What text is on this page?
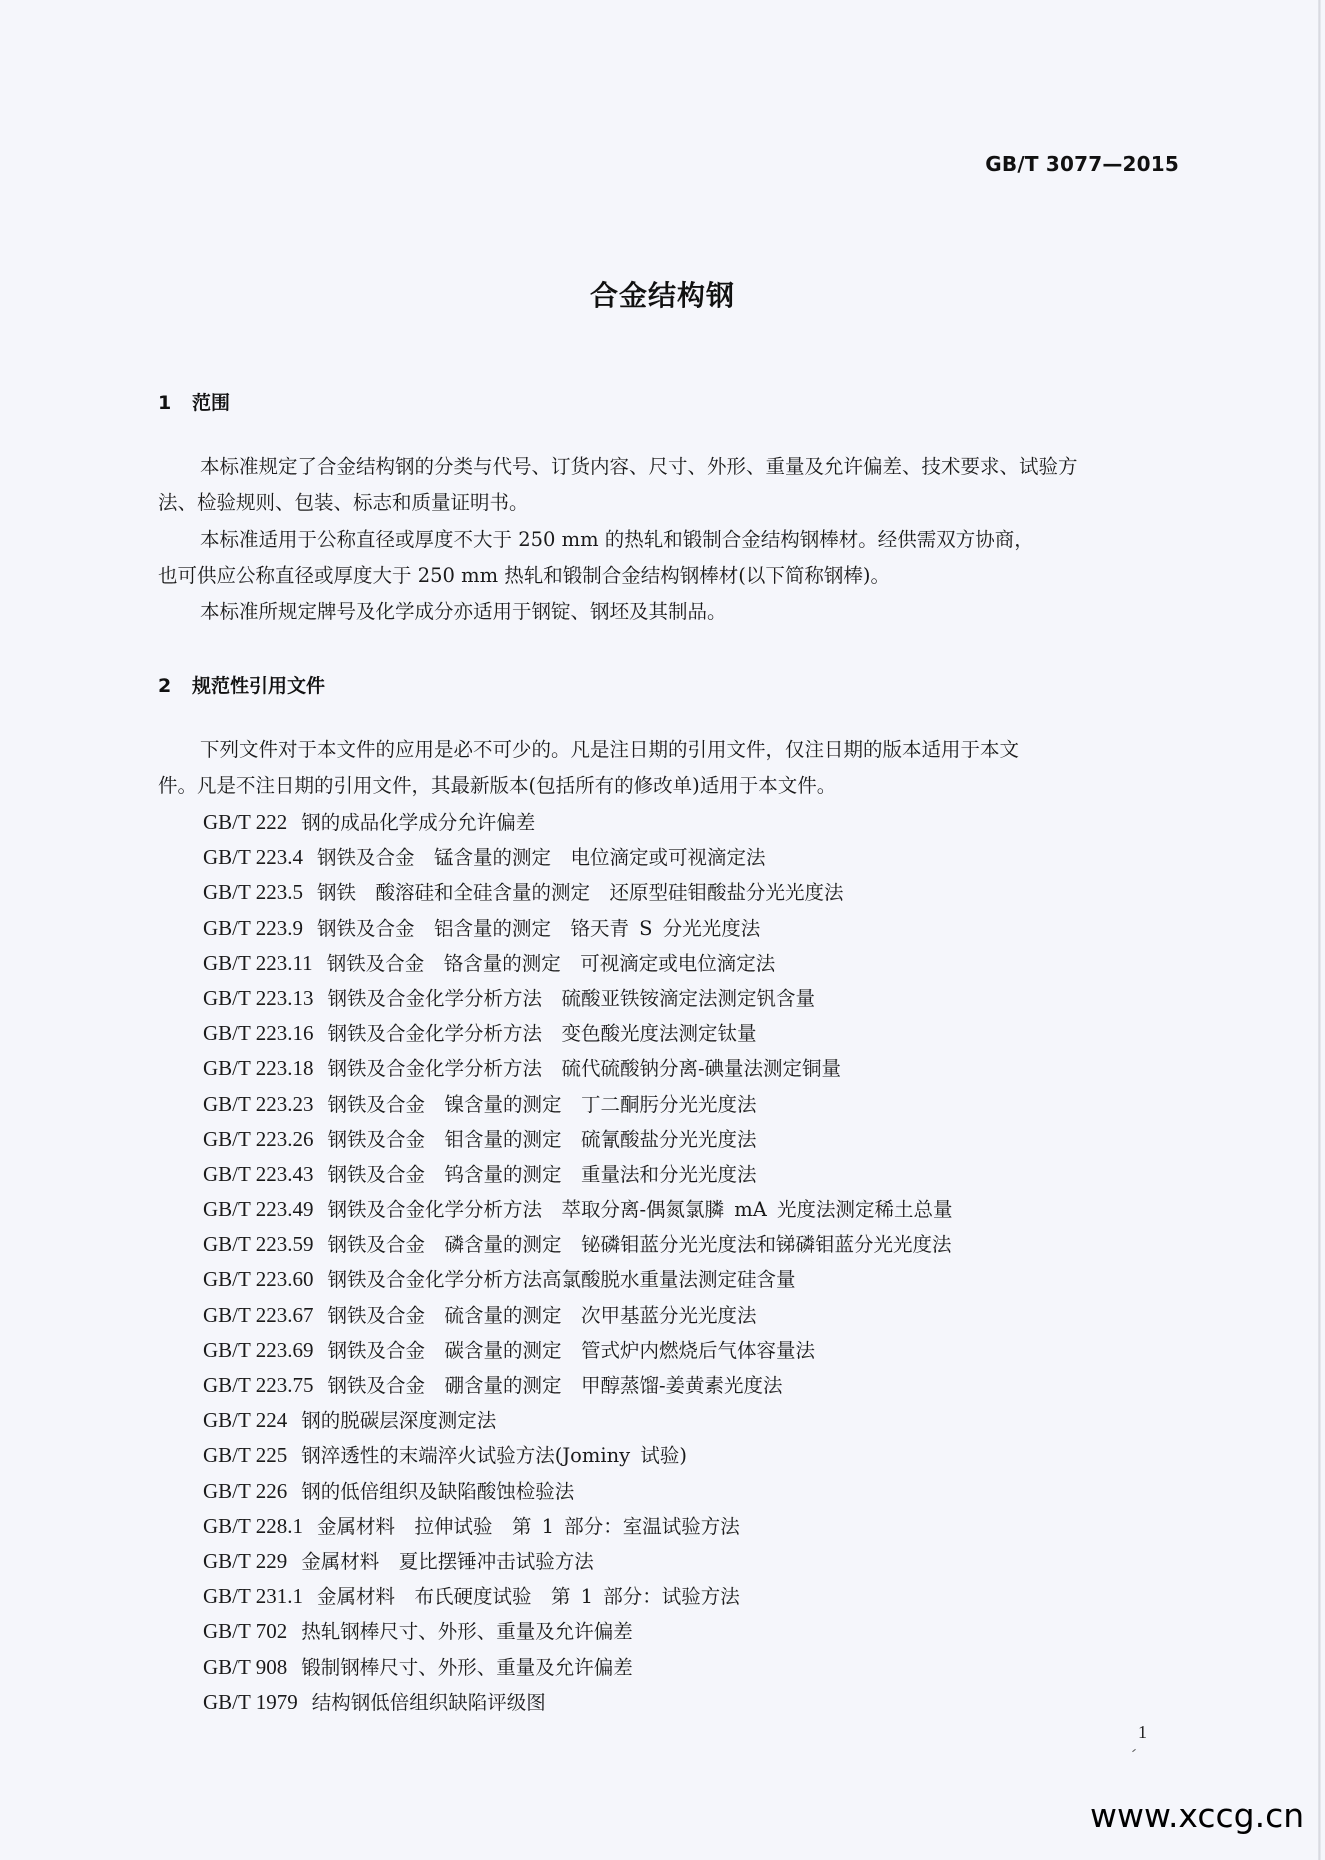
GB/T 3077—2015
合金结构钢
1 范围
本标准规定了合金结构钢的分类与代号、订货内容、尺寸、外形、重量及允许偏差、技术要求、试验方
法、检验规则、包装、标志和质量证明书。
本标准适用于公称直径或厚度不大于 250 mm 的热轧和锻制合金结构钢棒材。经供需双方协商，
也可供应公称直径或厚度大于 250 mm 热轧和锻制合金结构钢棒材(以下简称钢棒)。
本标准所规定牌号及化学成分亦适用于钢锭、钢坯及其制品。
2 规范性引用文件
下列文件对于本文件的应用是必不可少的。凡是注日期的引用文件，仅注日期的版本适用于本文
件。凡是不注日期的引用文件，其最新版本(包括所有的修改单)适用于本文件。
GB/T 222 钢的成品化学成分允许偏差
GB/T 223.4 钢铁及合金　锰含量的测定　电位滴定或可视滴定法
GB/T 223.5 钢铁　酸溶硅和全硅含量的测定　还原型硅钼酸盐分光光度法
GB/T 223.9 钢铁及合金　铝含量的测定　铬天青 S 分光光度法
GB/T 223.11 钢铁及合金　铬含量的测定　可视滴定或电位滴定法
GB/T 223.13 钢铁及合金化学分析方法　硫酸亚铁铵滴定法测定钒含量
GB/T 223.16 钢铁及合金化学分析方法　变色酸光度法测定钛量
GB/T 223.18 钢铁及合金化学分析方法　硫代硫酸钠分离-碘量法测定铜量
GB/T 223.23 钢铁及合金　镍含量的测定　丁二酮肟分光光度法
GB/T 223.26 钢铁及合金　钼含量的测定　硫氰酸盐分光光度法
GB/T 223.43 钢铁及合金　钨含量的测定　重量法和分光光度法
GB/T 223.49 钢铁及合金化学分析方法　萃取分离-偶氮氯膦 mA 光度法测定稀土总量
GB/T 223.59 钢铁及合金　磷含量的测定　铋磷钼蓝分光光度法和锑磷钼蓝分光光度法
GB/T 223.60 钢铁及合金化学分析方法高氯酸脱水重量法测定硅含量
GB/T 223.67 钢铁及合金　硫含量的测定　次甲基蓝分光光度法
GB/T 223.69 钢铁及合金　碳含量的测定　管式炉内燃烧后气体容量法
GB/T 223.75 钢铁及合金　硼含量的测定　甲醇蒸馏-姜黄素光度法
GB/T 224 钢的脱碳层深度测定法
GB/T 225 钢淬透性的末端淬火试验方法(Jominy 试验)
GB/T 226 钢的低倍组织及缺陷酸蚀检验法
GB/T 228.1 金属材料　拉伸试验　第 1 部分：室温试验方法
GB/T 229 金属材料　夏比摆锤冲击试验方法
GB/T 231.1 金属材料　布氏硬度试验　第 1 部分：试验方法
GB/T 702 热轧钢棒尺寸、外形、重量及允许偏差
GB/T 908 锻制钢棒尺寸、外形、重量及允许偏差
GB/T 1979 结构钢低倍组织缺陷评级图
1
www.xccg.cn
